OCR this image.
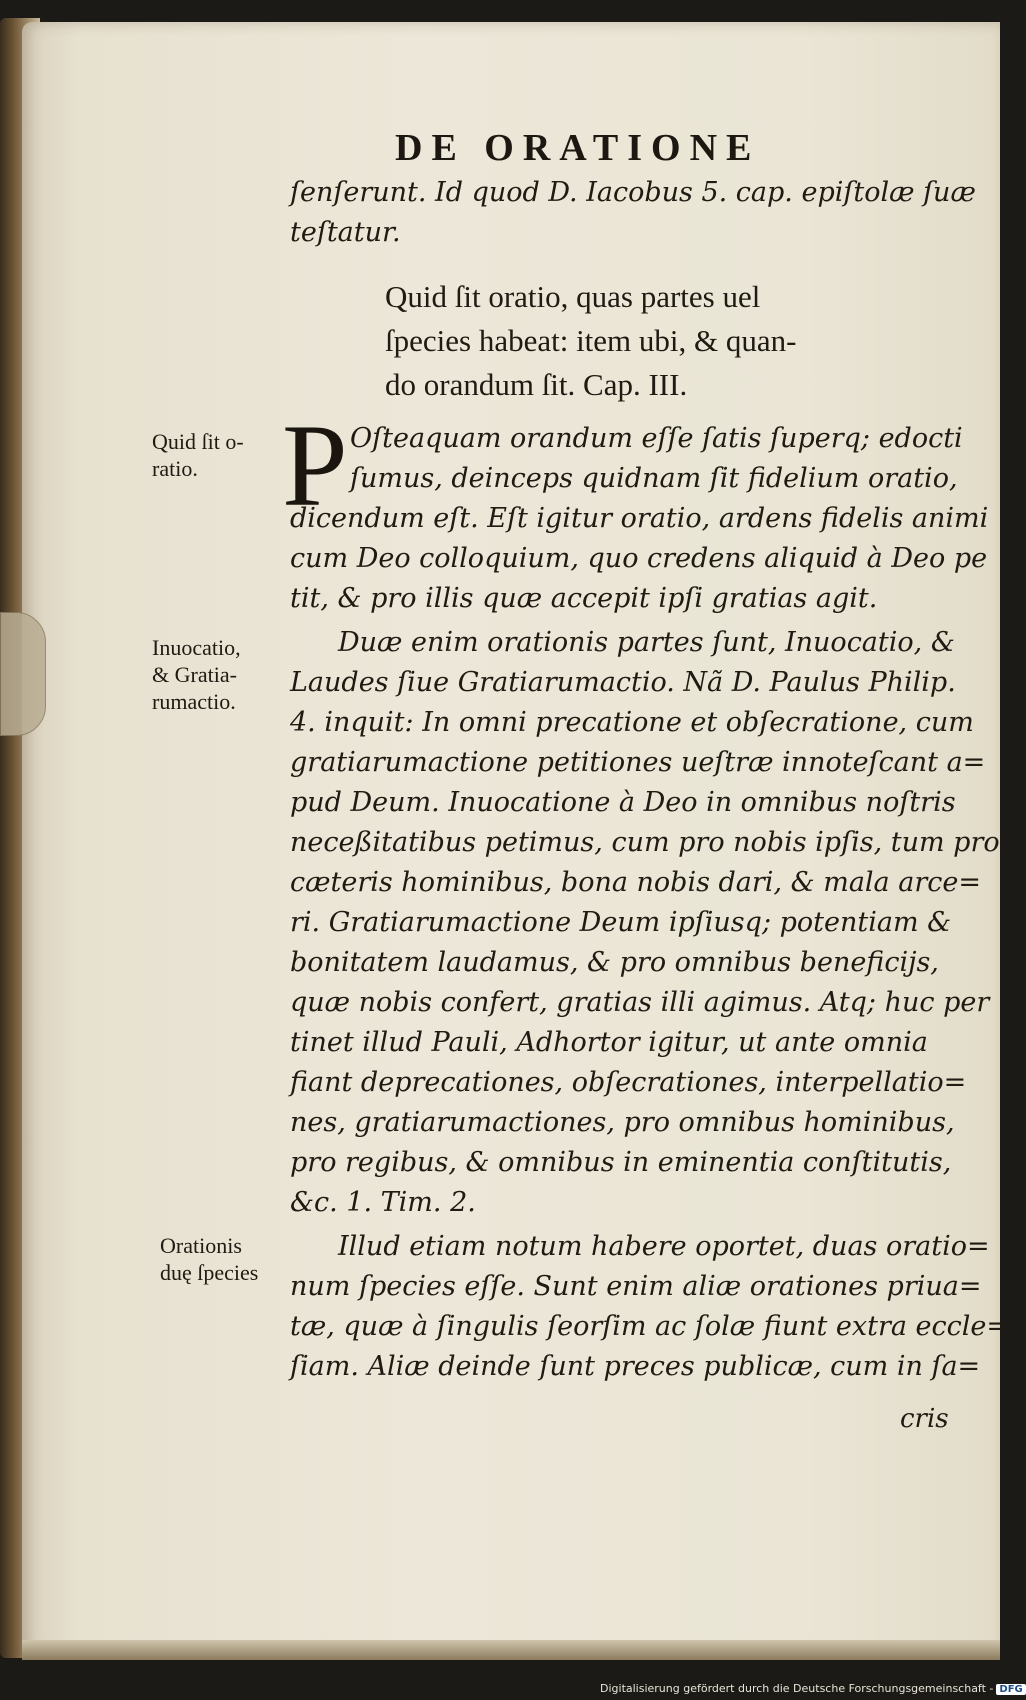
DE ORATIONE
ſenſerunt. Id quod D. Iacobus 5. cap. epiſtolæ ſuæ
teſtatur.
Quid ſit oratio, quas partes uel
ſpecies habeat: item ubi, & quan-
do orandum ſit. Cap. III.
P Oſteaquam orandum eſſe ſatis ſuperq; edocti
ſumus, deinceps quidnam ſit fidelium oratio,
dicendum eſt. Eſt igitur oratio, ardens fidelis animi
cum Deo colloquium, quo credens aliquid à Deo pe
tit, & pro illis quæ accepit ipſi gratias agit.
Duæ enim orationis partes ſunt, Inuocatio, &
Laudes ſiue Gratiarumactio. Nã D. Paulus Philip.
4. inquit: In omni precatione et obſecratione, cum
gratiarumactione petitiones ueſtræ innoteſcant a=
pud Deum. Inuocatione à Deo in omnibus noſtris
neceßitatibus petimus, cum pro nobis ipſis, tum pro
cæteris hominibus, bona nobis dari, & mala arce=
ri. Gratiarumactione Deum ipſiusq; potentiam &
bonitatem laudamus, & pro omnibus beneficijs,
quæ nobis confert, gratias illi agimus. Atq; huc per
tinet illud Pauli, Adhortor igitur, ut ante omnia
fiant deprecationes, obſecrationes, interpellatio=
nes, gratiarumactiones, pro omnibus hominibus,
pro regibus, & omnibus in eminentia conſtitutis,
&c. 1. Tim. 2.
Illud etiam notum habere oportet, duas oratio=
num ſpecies eſſe. Sunt enim aliæ orationes priua=
tæ, quæ à ſingulis ſeorſim ac ſolæ fiunt extra eccle=
ſiam. Aliæ deinde ſunt preces publicæ, cum in ſa=
cris
Quid ſit o-
ratio.
Inuocatio,
& Gratia-
rumactio.
Orationis
duę ſpecies
Digitalisierung gefördert durch die Deutsche Forschungsgemeinschaft - DFG
